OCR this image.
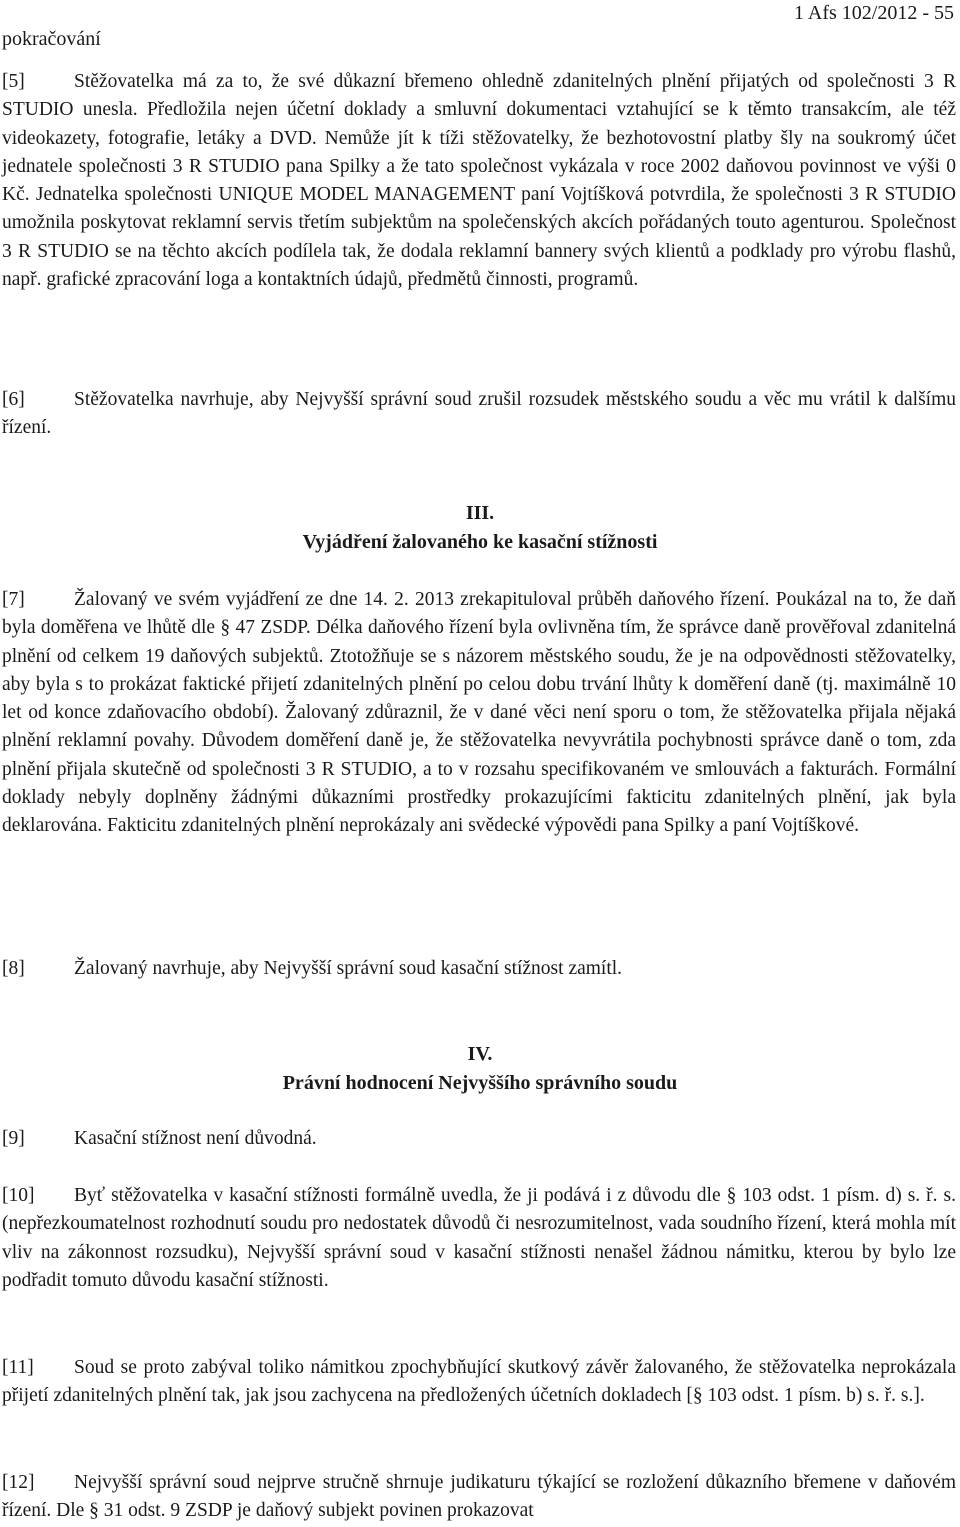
pokračování
1 Afs 102/2012 - 55

[5]	Stěžovatelka má za to, že své důkazní břemeno ohledně zdanitelných plnění přijatých od společnosti 3 R STUDIO unesla. Předložila nejen účetní doklady a smluvní dokumentaci vztahující se k těmto transakcím, ale též videokazety, fotografie, letáky a DVD. Nemůže jít k tíži stěžovatelky, že bezhotovostní platby šly na soukromý účet jednatele společnosti 3 R STUDIO pana Spilky a že tato společnost vykázala v roce 2002 daňovou povinnost ve výši 0 Kč. Jednatelka společnosti UNIQUE MODEL MANAGEMENT paní Vojtíšková potvrdila, že společnosti 3 R STUDIO umožnila poskytovat reklamní servis třetím subjektům na společenských akcích pořádaných touto agenturou. Společnost 3 R STUDIO se na těchto akcích podílela tak, že dodala reklamní bannery svých klientů a podklady pro výrobu flashů, např. grafické zpracování loga a kontaktních údajů, předmětů činnosti, programů.

[6]	Stěžovatelka navrhuje, aby Nejvyšší správní soud zrušil rozsudek městského soudu a věc mu vrátil k dalšímu řízení.

III.
Vyjádření žalovaného ke kasační stížnosti

[7]	Žalovaný ve svém vyjádření ze dne 14. 2. 2013 zrekapituloval průběh daňového řízení. Poukázal na to, že daň byla doměřena ve lhůtě dle § 47 ZSDP. Délka daňového řízení byla ovlivněna tím, že správce daně prověřoval zdanitelná plnění od celkem 19 daňových subjektů. Ztotožňuje se s názorem městského soudu, že je na odpovědnosti stěžovatelky, aby byla s to prokázat faktické přijetí zdanitelných plnění po celou dobu trvání lhůty k doměření daně (tj. maximálně 10 let od konce zdaňovacího období). Žalovaný zdůraznil, že v dané věci není sporu o tom, že stěžovatelka přijala nějaká plnění reklamní povahy. Důvodem doměření daně je, že stěžovatelka nevyvrátila pochybnosti správce daně o tom, zda plnění přijala skutečně od společnosti 3 R STUDIO, a to v rozsahu specifikovaném ve smlouvách a fakturách. Formální doklady nebyly doplněny žádnými důkazními prostředky prokazujícími fakticitu zdanitelných plnění, jak byla deklarována. Fakticitu zdanitelných plnění neprokázaly ani svědecké výpovědi pana Spilky a paní Vojtíškové.

[8]	Žalovaný navrhuje, aby Nejvyšší správní soud kasační stížnost zamítl.

IV.
Právní hodnocení Nejvyššího správního soudu

[9]	Kasační stížnost není důvodná.

[10] Byť stěžovatelka v kasační stížnosti formálně uvedla, že ji podává i z důvodu dle § 103 odst. 1 písm. d) s. ř. s. (nepřezkoumatelnost rozhodnutí soudu pro nedostatek důvodů či nesrozumitelnost, vada soudního řízení, která mohla mít vliv na zákonnost rozsudku), Nejvyšší správní soud v kasační stížnosti nenašel žádnou námitku, kterou by bylo lze podřadit tomuto důvodu kasační stížnosti.

[11] Soud se proto zabýval toliko námitkou zpochybňující skutkový závěr žalovaného, že stěžovatelka neprokázala přijetí zdanitelných plnění tak, jak jsou zachycena na předložených účetních dokladech [§ 103 odst. 1 písm. b) s. ř. s.].

[12] Nejvyšší správní soud nejprve stručně shrnuje judikaturu týkající se rozložení důkazního břemene v daňovém řízení. Dle § 31 odst. 9 ZSDP je daňový subjekt povinen prokazovat
